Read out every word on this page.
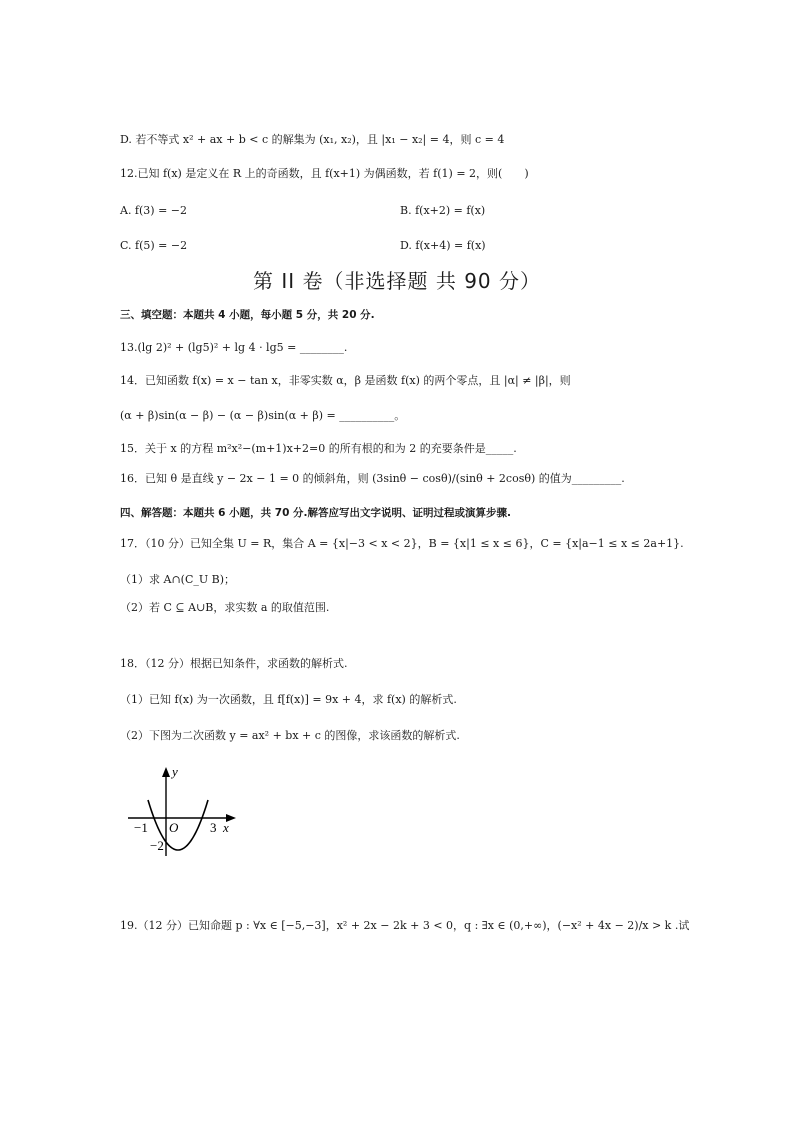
D. 若不等式 x² + ax + b < c 的解集为 (x₁, x₂)，且 |x₁ − x₂| = 4，则 c = 4
12.已知 f(x) 是定义在 R 上的奇函数，且 f(x+1) 为偶函数，若 f(1) = 2，则(　　)
A. f(3) = −2	B. f(x+2) = f(x)
C. f(5) = −2	D. f(x+4) = f(x)
第 II 卷（非选择题 共 90 分）
三、填空题：本题共 4 小题，每小题 5 分，共 20 分.
13.(lg 2)² + (lg5)² + lg 4 · lg5 = ________.
14．已知函数 f(x) = x − tan x，非零实数 α，β 是函数 f(x) 的两个零点，且 |α| ≠ |β|，则
(α + β)sin(α − β) − (α − β)sin(α + β) = __________。
15．关于 x 的方程 m²x²−(m+1)x+2=0 的所有根的和为 2 的充要条件是_____.
16．已知 θ 是直线 y − 2x − 1 = 0 的倾斜角，则 (3sinθ − cosθ)/(sinθ + 2cosθ) 的值为_________.
四、解答题：本题共 6 小题，共 70 分.解答应写出文字说明、证明过程或演算步骤.
17．（10 分）已知全集 U = R，集合 A = {x|−3 < x < 2}，B = {x|1 ≤ x ≤ 6}，C = {x|a−1 ≤ x ≤ 2a+1}.
（1）求 A∩(C_U B)；
（2）若 C ⊆ A∪B，求实数 a 的取值范围.
18．（12 分）根据已知条件，求函数的解析式.
（1）已知 f(x) 为一次函数，且 f[f(x)] = 9x + 4，求 f(x) 的解析式.
（2）下图为二次函数 y = ax² + bx + c 的图像，求该函数的解析式.
y
x
O
−1	3
−2
19.（12 分）已知命题 p : ∀x ∈ [−5,−3]，x² + 2x − 2k + 3 < 0，q : ∃x ∈ (0,+∞)，(−x² + 4x − 2)/x > k .试
